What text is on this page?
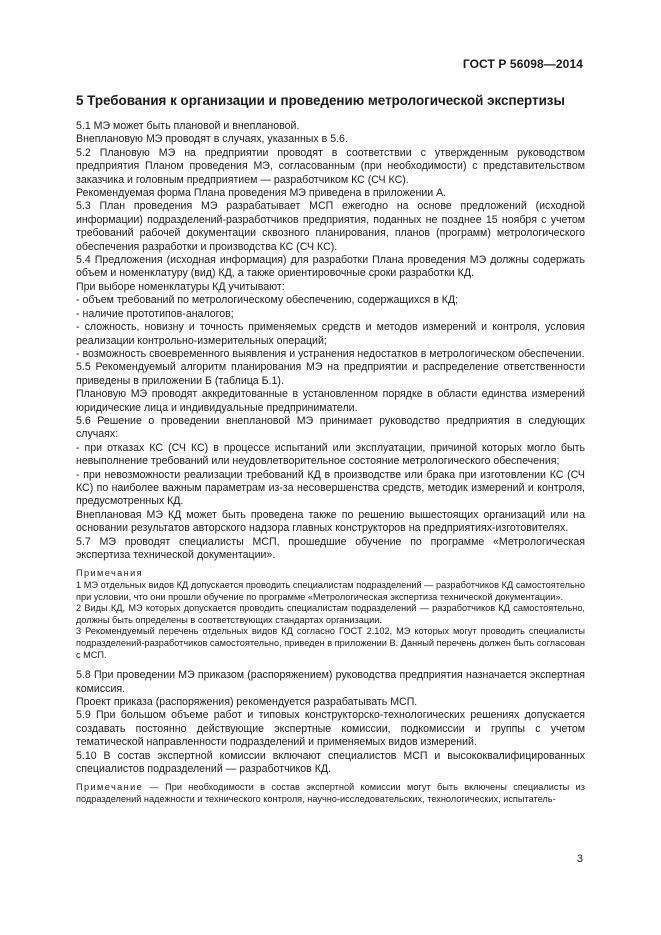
ГОСТ Р 56098—2014
5 Требования к организации и проведению метрологической экспертизы

5.1 МЭ может быть плановой и внеплановой.

Внеплановую МЭ проводят в случаях, указанных в 5.6.

5.2 Плановую МЭ на предприятии проводят в соответствии с утвержденным руководством предприятия Планом проведения МЭ, согласованным (при необходимости) с представительством заказчика и головным предприятием — разработчиком КС (СЧ КС).

Рекомендуемая форма Плана проведения МЭ приведена в приложении А.

5.3 План проведения МЭ разрабатывает МСП ежегодно на основе предложений (исходной информации) подразделений-разработчиков предприятия, поданных не позднее 15 ноября с учетом требований рабочей документации сквозного планирования, планов (программ) метрологического обеспечения разработки и производства КС (СЧ КС).

5.4 Предложения (исходная информация) для разработки Плана проведения МЭ должны содержать объем и номенклатуру (вид) КД, а также ориентировочные сроки разработки КД.

При выборе номенклатуры КД учитывают:

- объем требований по метрологическому обеспечению, содержащихся в КД;

- наличие прототипов-аналогов;

- сложность, новизну и точность применяемых средств и методов измерений и контроля, условия реализации контрольно-измерительных операций;

- возможность своевременного выявления и устранения недостатков в метрологическом обеспечении.

5.5 Рекомендуемый алгоритм планирования МЭ на предприятии и распределение ответственности приведены в приложении Б (таблица Б.1).

Плановую МЭ проводят аккредитованные в установленном порядке в области единства измерений юридические лица и индивидуальные предприниматели.

5.6 Решение о проведении внеплановой МЭ принимает руководство предприятия в следующих случаях:

- при отказах КС (СЧ КС) в процессе испытаний или эксплуатации, причиной которых могло быть невыполнение требований или неудовлетворительное состояние метрологического обеспечения;

- при невозможности реализации требований КД в производстве или брака при изготовлении КС (СЧ КС) по наиболее важным параметрам из-за несовершенства средств, методик измерений и контроля, предусмотренных КД.

Внеплановая МЭ КД может быть проведена также по решению вышестоящих организаций или на основании результатов авторского надзора главных конструкторов на предприятиях-изготовителях.

5.7 МЭ проводят специалисты МСП, прошедшие обучение по программе «Метрологическая экспертиза технической документации».

Примечания

1 МЭ отдельных видов КД допускается проводить специалистам подразделений — разработчиков КД самостоятельно при условии, что они прошли обучение по программе «Метрологическая экспертиза технической документации».

2 Виды КД, МЭ которых допускается проводить специалистам подразделений — разработчиков КД самостоятельно, должны быть определены в соответствующих стандартах организации.

3 Рекомендуемый перечень отдельных видов КД согласно ГОСТ 2.102, МЭ которых могут проводить специалисты подразделений-разработчиков самостоятельно, приведен в приложении В. Данный перечень должен быть согласован с МСП.

5.8 При проведении МЭ приказом (распоряжением) руководства предприятия назначается экспертная комиссия.

Проект приказа (распоряжения) рекомендуется разрабатывать МСП.

5.9 При большом объеме работ и типовых конструкторско-технологических решениях допускается создавать постоянно действующие экспертные комиссии, подкомиссии и группы с учетом тематической направленности подразделений и применяемых видов измерений.

5.10 В состав экспертной комиссии включают специалистов МСП и высококвалифицированных специалистов подразделений — разработчиков КД.

Примечание — При необходимости в состав экспертной комиссии могут быть включены специалисты из подразделений надежности и технического контроля, научно-исследовательских, технологических, испытатель-

3
